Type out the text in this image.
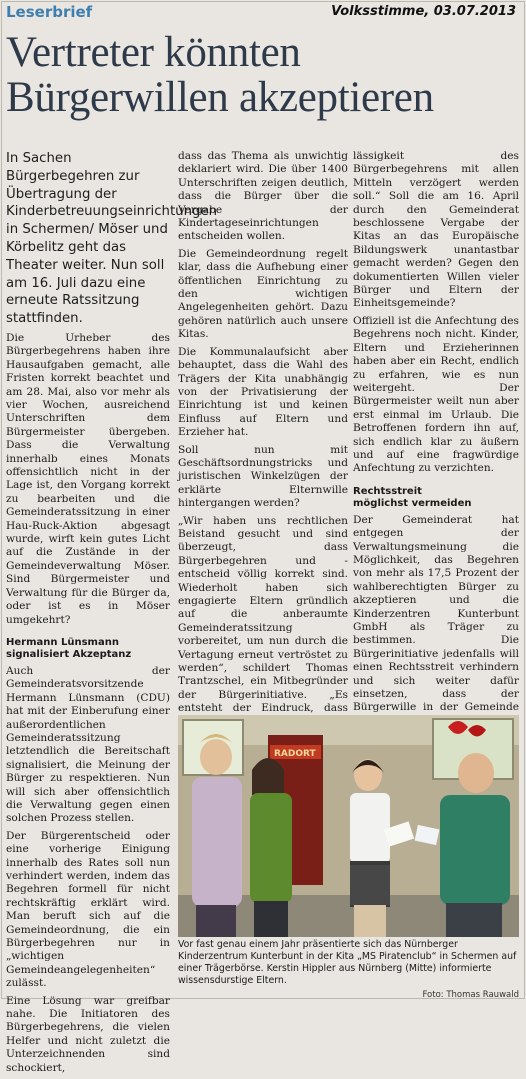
Leserbrief	Volksstimme, 03.07.2013
Vertreter könnten
Bürgerwillen akzeptieren

In Sachen Bürgerbegehren zur Übertragung der Kinderbetreuungseinrichtungen in Schermen/ Möser und Körbelitz geht das Theater weiter. Nun soll am 16. Juli dazu eine erneute Ratssitzung stattfinden.

Die Urheber des Bürgerbegehrens haben ihre Hausaufgaben gemacht, alle Fristen korrekt beachtet und am 28. Mai, also vor mehr als vier Wochen, ausreichend Unterschriften dem Bürgermeister übergeben. Dass die Verwaltung innerhalb eines Monats offensichtlich nicht in der Lage ist, den Vorgang korrekt zu bearbeiten und die Gemeinderatssitzung in einer Hau-Ruck-Aktion abgesagt wurde, wirft kein gutes Licht auf die Zustände in der Gemeindeverwaltung Möser. Sind Bürgermeister und Verwaltung für die Bürger da, oder ist es in Möser umgekehrt?

Hermann Lünsmann
signalisiert Akzeptanz

Auch der Gemeinderatsvorsitzende Hermann Lünsmann (CDU) hat mit der Einberufung einer außerordentlichen Gemeinderatssitzung letztendlich die Bereitschaft signalisiert, die Meinung der Bürger zu respektieren. Nun will sich aber offensichtlich die Verwaltung gegen einen solchen Prozess stellen.

Der Bürgerentscheid oder eine vorherige Einigung innerhalb des Rates soll nun verhindert werden, indem das Begehren formell für nicht rechtskräftig erklärt wird. Man beruft sich auf die Gemeindeordnung, die ein Bürgerbegehren nur in „wichtigen Gemeindeangelegenheiten“ zulässt.

Eine Lösung war greifbar nahe. Die Initiatoren des Bürgerbegehrens, die vielen Helfer und nicht zuletzt die Unterzeichnenden sind schockiert,

dass das Thema als unwichtig deklariert wird. Die über 1400 Unterschriften zeigen deutlich, dass die Bürger über die Vergabe der Kindertageseinrichtungen entscheiden wollen.

Die Gemeindeordnung regelt klar, dass die Aufhebung einer öffentlichen Einrichtung zu den wichtigen Angelegenheiten gehört. Dazu gehören natürlich auch unsere Kitas.

Die Kommunalaufsicht aber behauptet, dass die Wahl des Trägers der Kita unabhängig von der Privatisierung der Einrichtung ist und keinen Einfluss auf Eltern und Erzieher hat.

Soll nun mit Geschäftsordnungstricks und juristischen Winkelzügen der erklärte Elternwille hintergangen werden?

„Wir haben uns rechtlichen Beistand gesucht und sind überzeugt, dass Bürgerbegehren und -entscheid völlig korrekt sind. Wiederholt haben sich engagierte Eltern gründlich auf die anberaumte Gemeinderatssitzung vorbereitet, um nun durch die Vertagung erneut vertröstet zu werden“, schildert Thomas Trantzschel, ein Mitbegründer der Bürgerinitiative. „Es entsteht der Eindruck, dass

lässigkeit des Bürgerbegehrens mit allen Mitteln verzögert werden soll.“ Soll die am 16. April durch den Gemeinderat beschlossene Vergabe der Kitas an das Europäische Bildungswerk unantastbar gemacht werden? Gegen den dokumentierten Willen vieler Bürger und Eltern der Einheitsgemeinde?

Offiziell ist die Anfechtung des Begehrens noch nicht. Kinder, Eltern und Erzieherinnen haben aber ein Recht, endlich zu erfahren, wie es nun weitergeht. Der Bürgermeister weilt nun aber erst einmal im Urlaub. Die Betroffenen fordern ihn auf, sich endlich klar zu äußern und auf eine fragwürdige Anfechtung zu verzichten.

Rechtsstreit
möglichst vermeiden

Der Gemeinderat hat entgegen der Verwaltungsmeinung die Möglichkeit, das Begehren von mehr als 17,5 Prozent der wahlberechtigten Bürger zu akzeptieren und die Kinderzentren Kunterbunt GmbH als Träger zu bestimmen. Die Bürgerinitiative jedenfalls will einen Rechtsstreit verhindern und sich weiter dafür einsetzen, dass der Bürgerwille in der Gemeinde

RADORT
Vor fast genau einem Jahr präsentierte sich das Nürnberger Kinderzentrum Kunterbunt in der Kita „MS Piratenclub“ in Schermen auf einer Trägerbörse. Kerstin Hippler aus Nürnberg (Mitte) informierte wissensdurstige Eltern.
Foto: Thomas Rauwald
